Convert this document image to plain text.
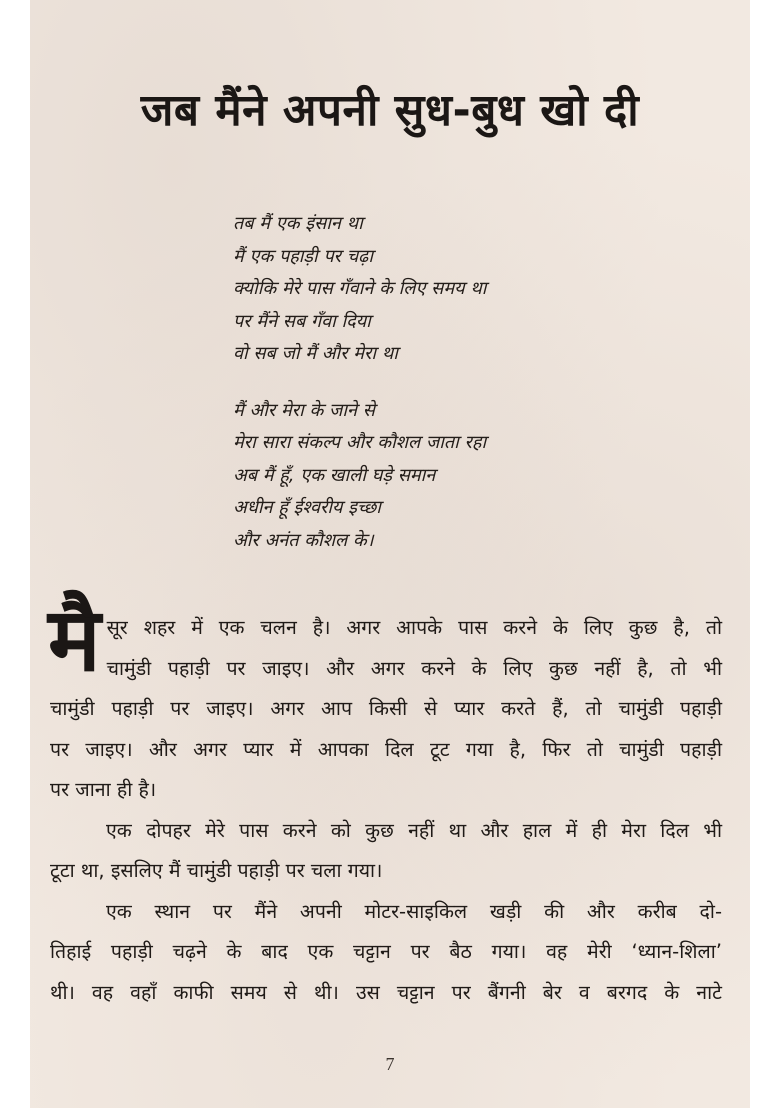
जब मैंने अपनी सुध-बुध खो दी
तब मैं एक इंसान था
मैं एक पहाड़ी पर चढ़ा
क्योकि मेरे पास गँवाने के लिए समय था
पर मैंने सब गँवा दिया
वो सब जो मैं और मेरा था
मैं और मेरा के जाने से
मेरा सारा संकल्प और कौशल जाता रहा
अब मैं हूँ, एक खाली घड़े समान
अधीन हूँ ईश्वरीय इच्छा
और अनंत कौशल के।
मै सूर शहर में एक चलन है। अगर आपके पास करने के लिए कुछ है, तो
चामुंडी पहाड़ी पर जाइए। और अगर करने के लिए कुछ नहीं है, तो भी
चामुंडी पहाड़ी पर जाइए। अगर आप किसी से प्यार करते हैं, तो चामुंडी पहाड़ी
पर जाइए। और अगर प्यार में आपका दिल टूट गया है, फिर तो चामुंडी पहाड़ी
पर जाना ही है।
एक दोपहर मेरे पास करने को कुछ नहीं था और हाल में ही मेरा दिल भी
टूटा था, इसलिए मैं चामुंडी पहाड़ी पर चला गया।
एक स्थान पर मैंने अपनी मोटर-साइकिल खड़ी की और करीब दो-
तिहाई पहाड़ी चढ़ने के बाद एक चट्टान पर बैठ गया। वह मेरी ‘ध्यान-शिला’
थी। वह वहाँ काफी समय से थी। उस चट्टान पर बैंगनी बेर व बरगद के नाटे
7
